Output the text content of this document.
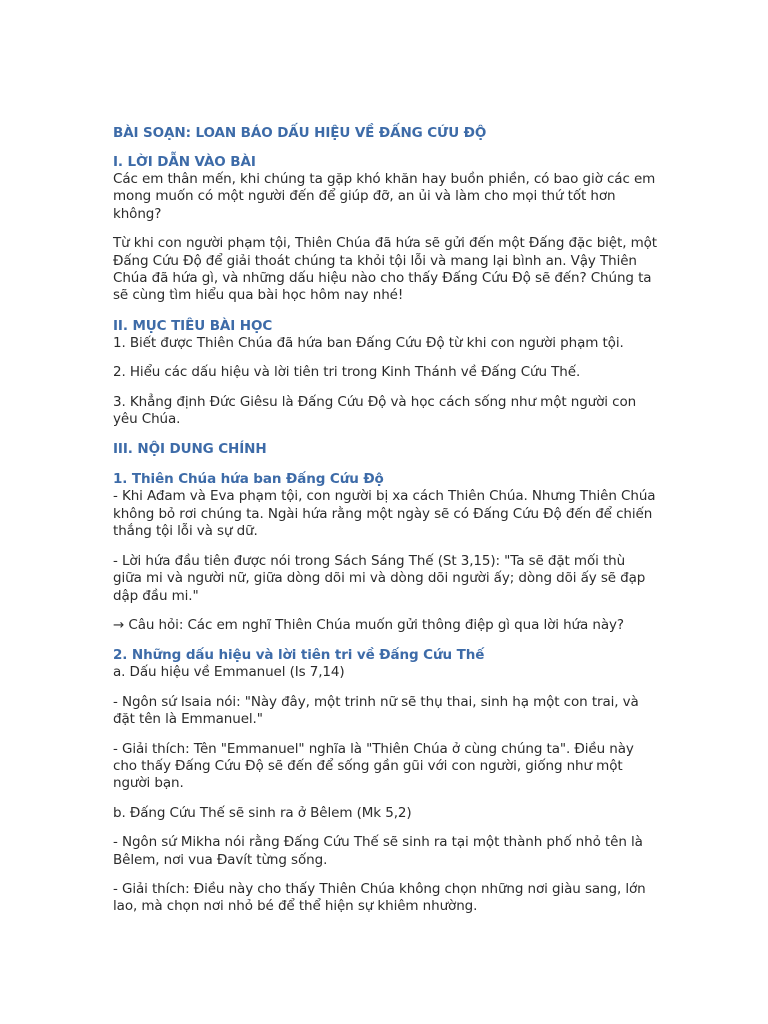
BÀI SOẠN: LOAN BÁO DẤU HIỆU VỀ ĐẤNG CỨU ĐỘ
I. LỜI DẪN VÀO BÀI

Các em thân mến, khi chúng ta gặp khó khăn hay buồn phiền, có bao giờ các em mong muốn có một người đến để giúp đỡ, an ủi và làm cho mọi thứ tốt hơn không?

Từ khi con người phạm tội, Thiên Chúa đã hứa sẽ gửi đến một Đấng đặc biệt, một Đấng Cứu Độ để giải thoát chúng ta khỏi tội lỗi và mang lại bình an. Vậy Thiên Chúa đã hứa gì, và những dấu hiệu nào cho thấy Đấng Cứu Độ sẽ đến? Chúng ta sẽ cùng tìm hiểu qua bài học hôm nay nhé!

II. MỤC TIÊU BÀI HỌC

1. Biết được Thiên Chúa đã hứa ban Đấng Cứu Độ từ khi con người phạm tội.

2. Hiểu các dấu hiệu và lời tiên tri trong Kinh Thánh về Đấng Cứu Thế.

3. Khẳng định Đức Giêsu là Đấng Cứu Độ và học cách sống như một người con yêu Chúa.

III. NỘI DUNG CHÍNH
1. Thiên Chúa hứa ban Đấng Cứu Độ

- Khi Ađam và Eva phạm tội, con người bị xa cách Thiên Chúa. Nhưng Thiên Chúa không bỏ rơi chúng ta. Ngài hứa rằng một ngày sẽ có Đấng Cứu Độ đến để chiến thắng tội lỗi và sự dữ.

- Lời hứa đầu tiên được nói trong Sách Sáng Thế (St 3,15): "Ta sẽ đặt mối thù giữa mi và người nữ, giữa dòng dõi mi và dòng dõi người ấy; dòng dõi ấy sẽ đạp dập đầu mi."

→ Câu hỏi: Các em nghĩ Thiên Chúa muốn gửi thông điệp gì qua lời hứa này?

2. Những dấu hiệu và lời tiên tri về Đấng Cứu Thế

a. Dấu hiệu về Emmanuel (Is 7,14)

- Ngôn sứ Isaia nói: "Này đây, một trinh nữ sẽ thụ thai, sinh hạ một con trai, và đặt tên là Emmanuel."

- Giải thích: Tên "Emmanuel" nghĩa là "Thiên Chúa ở cùng chúng ta". Điều này cho thấy Đấng Cứu Độ sẽ đến để sống gần gũi với con người, giống như một người bạn.

b. Đấng Cứu Thế sẽ sinh ra ở Bêlem (Mk 5,2)

- Ngôn sứ Mikha nói rằng Đấng Cứu Thế sẽ sinh ra tại một thành phố nhỏ tên là Bêlem, nơi vua Đavít từng sống.

- Giải thích: Điều này cho thấy Thiên Chúa không chọn những nơi giàu sang, lớn lao, mà chọn nơi nhỏ bé để thể hiện sự khiêm nhường.
